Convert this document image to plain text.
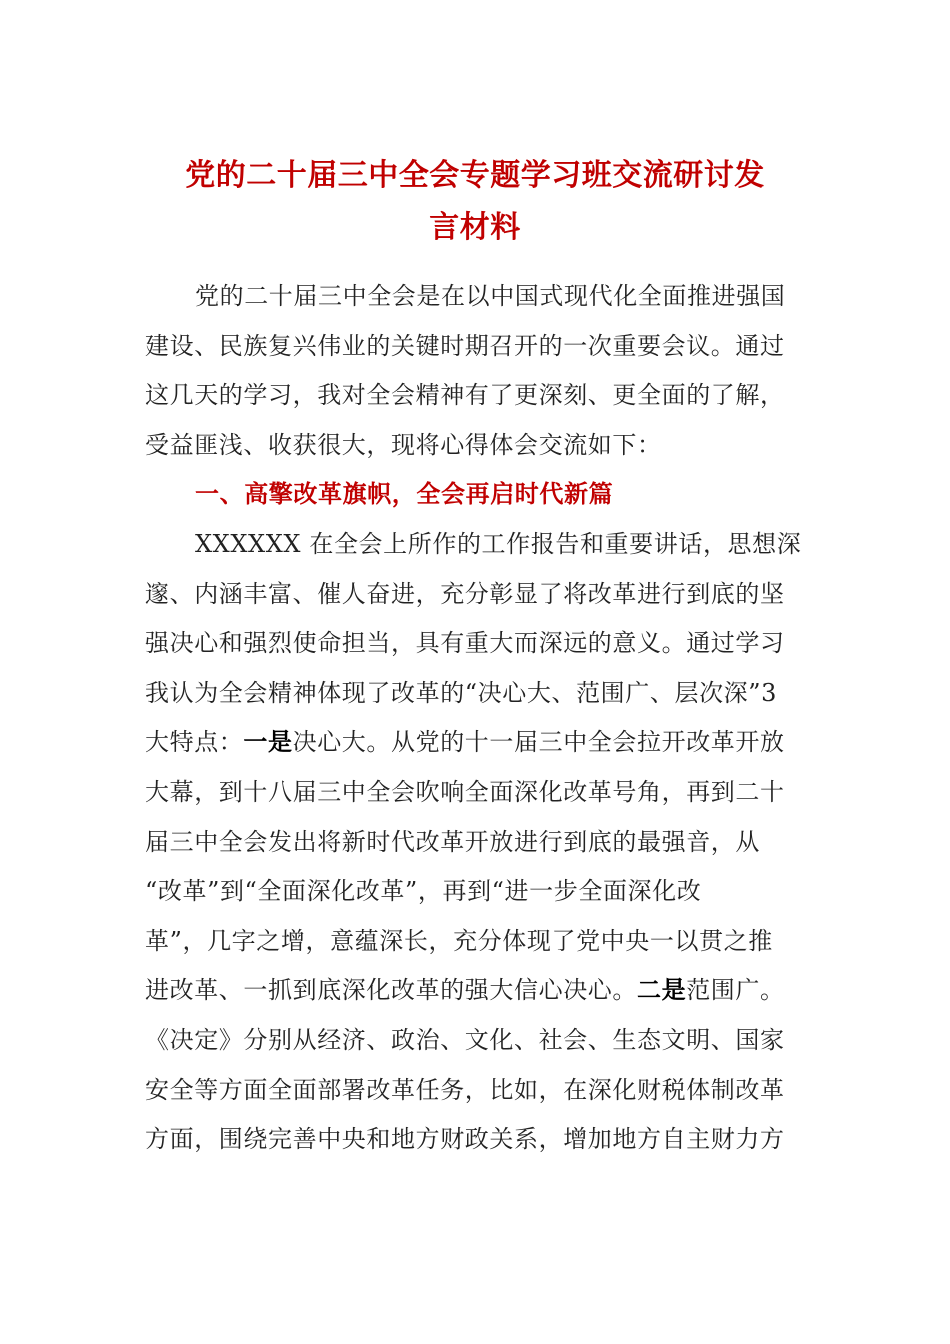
党的二十届三中全会专题学习班交流研讨发
言材料
党的二十届三中全会是在以中国式现代化全面推进强国
建设、民族复兴伟业的关键时期召开的一次重要会议。通过
这几天的学习，我对全会精神有了更深刻、更全面的了解，
受益匪浅、收获很大，现将心得体会交流如下：
一、高擎改革旗帜，全会再启时代新篇
XXXXXX 在全会上所作的工作报告和重要讲话，思想深
邃、内涵丰富、催人奋进，充分彰显了将改革进行到底的坚
强决心和强烈使命担当，具有重大而深远的意义。通过学习
我认为全会精神体现了改革的“决心大、范围广、层次深”3
大特点：一是决心大。从党的十一届三中全会拉开改革开放
大幕，到十八届三中全会吹响全面深化改革号角，再到二十
届三中全会发出将新时代改革开放进行到底的最强音，从
“改革”到“全面深化改革”，再到“进一步全面深化改
革”，几字之增，意蕴深长，充分体现了党中央一以贯之推
进改革、一抓到底深化改革的强大信心决心。二是范围广。
《决定》分别从经济、政治、文化、社会、生态文明、国家
安全等方面全面部署改革任务，比如，在深化财税体制改革
方面，围绕完善中央和地方财政关系，增加地方自主财力方
